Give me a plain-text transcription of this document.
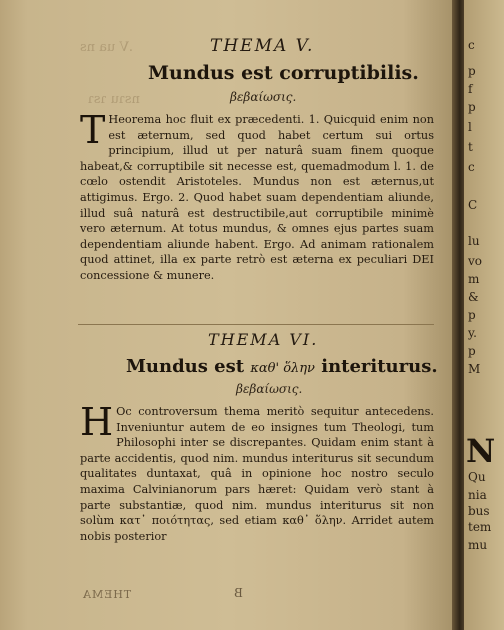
.V ua ns
nsɿu ɿsɿ
THEMA V.
Mundus est corruptibilis.
βεβαίωσις.

T Heorema hoc fluit ex præcedenti. 1. Quicquid enim non est æternum, sed quod habet certum sui ortus principium, illud ut per naturâ suam finem quoque habeat,& corruptibile sit necesse est, quemadmodum l. 1. de cœlo ostendit Aristoteles. Mundus non est æternus,ut attigimus. Ergo. 2. Quod habet suam dependentiam aliunde, illud suâ naturâ est destructibile,aut corruptibile minimè vero æternum. At totus mundus, & omnes ejus partes suam dependentiam aliunde habent. Ergo. Ad animam rationalem quod attinet, illa ex parte retrò est æterna ex peculiari DEI concessione & munere.

THEMA VI.
Mundus est καθ' ὅλην interiturus.
βεβαίωσις.

H Oc controversum thema meritò sequitur antecedens. Inveniuntur autem de eo insignes tum Theologi, tum Philosophi inter se discrepantes. Quidam enim stant à parte accidentis, quod nim. mundus interiturus sit secundum qualitates duntaxat, quâ in opinione hoc nostro seculo maxima Calvinianorum pars hæret: Quidam verò stant à parte substantiæ, quod nim. mundus interiturus sit non solùm κατ᾽ ποιότητας, sed etiam καθ᾽ ὅλην. Arridet autem nobis posterior

THEMA	B
c
p
f
p
l
t
c
C
lu
vo
m
&
p
y.
p
M
N
Qu
nia
bus
tem
mu
